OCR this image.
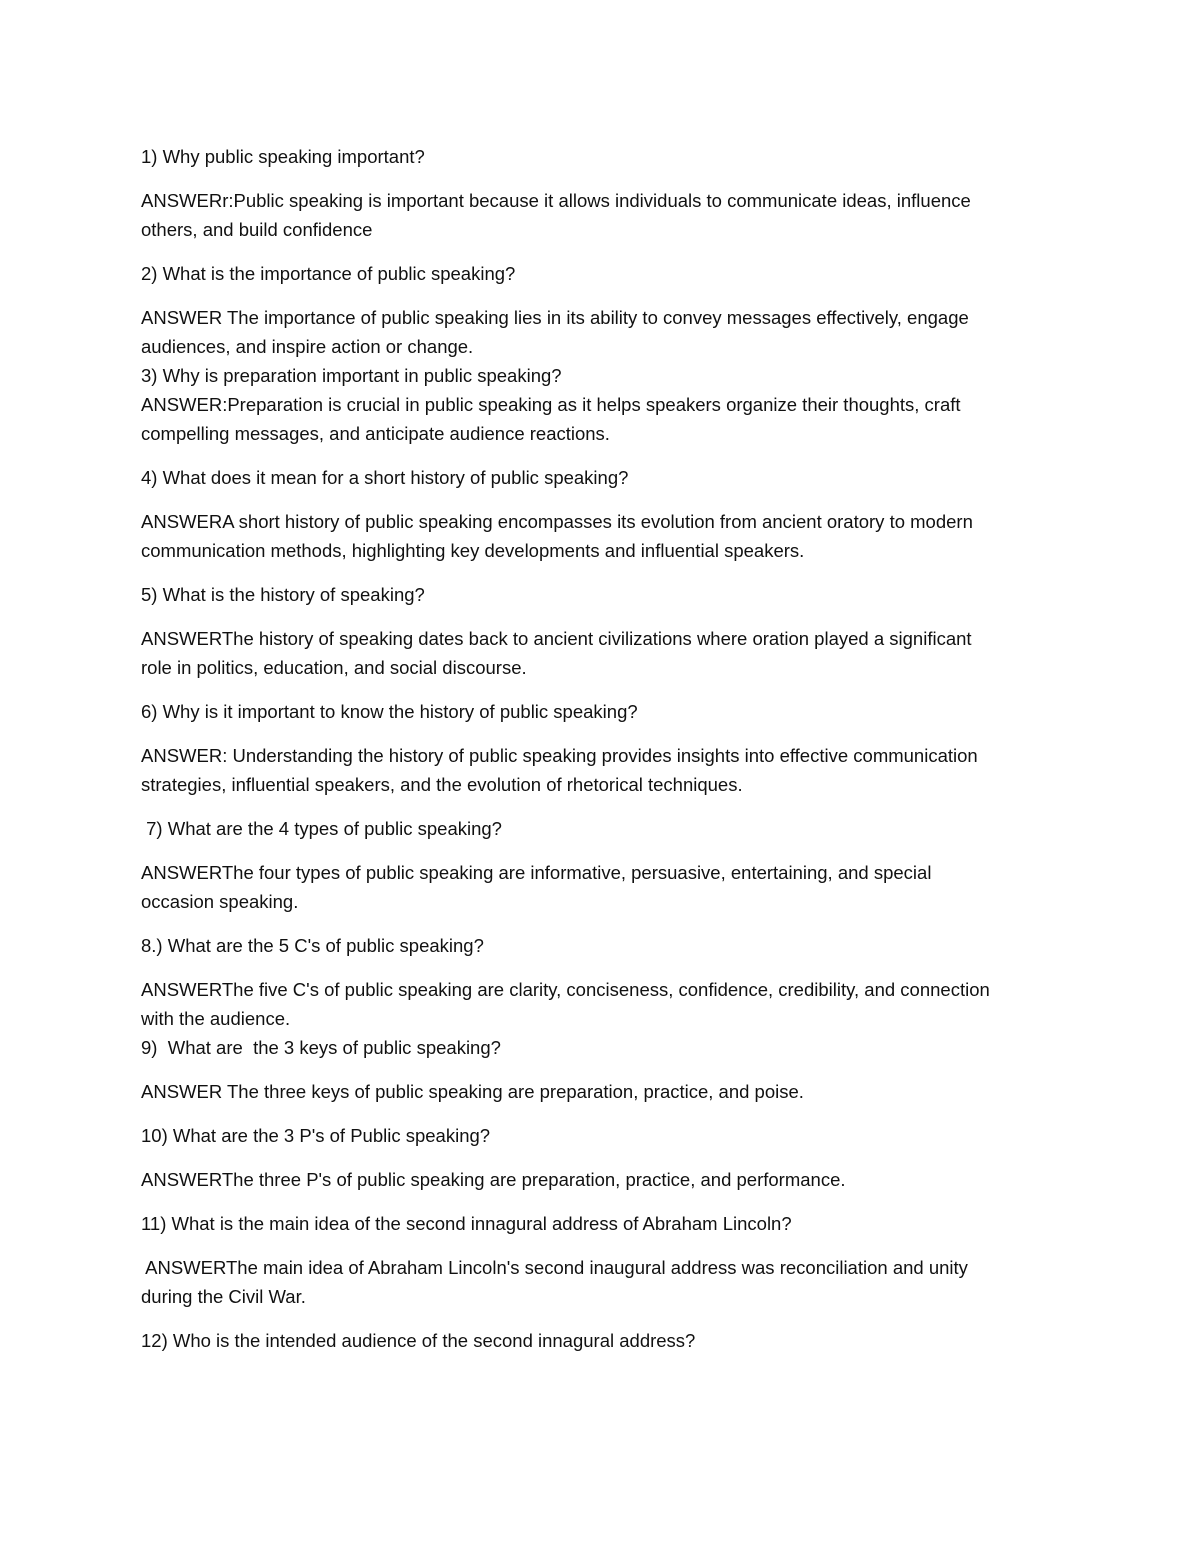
1) Why public speaking important?
ANSWERr:Public speaking is important because it allows individuals to communicate ideas, influence
others, and build confidence
2) What is the importance of public speaking?
ANSWER The importance of public speaking lies in its ability to convey messages effectively, engage
audiences, and inspire action or change.
3) Why is preparation important in public speaking?
ANSWER:Preparation is crucial in public speaking as it helps speakers organize their thoughts, craft
compelling messages, and anticipate audience reactions.
4) What does it mean for a short history of public speaking?
ANSWERA short history of public speaking encompasses its evolution from ancient oratory to modern
communication methods, highlighting key developments and influential speakers.
5) What is the history of speaking?
ANSWERThe history of speaking dates back to ancient civilizations where oration played a significant
role in politics, education, and social discourse.
6) Why is it important to know the history of public speaking?
ANSWER: Understanding the history of public speaking provides insights into effective communication
strategies, influential speakers, and the evolution of rhetorical techniques.
7) What are the 4 types of public speaking?
ANSWERThe four types of public speaking are informative, persuasive, entertaining, and special
occasion speaking.
8.) What are the 5 C's of public speaking?
ANSWERThe five C's of public speaking are clarity, conciseness, confidence, credibility, and connection
with the audience.
9)  What are  the 3 keys of public speaking?
ANSWER The three keys of public speaking are preparation, practice, and poise.
10) What are the 3 P's of Public speaking?
ANSWERThe three P's of public speaking are preparation, practice, and performance.
11) What is the main idea of the second innagural address of Abraham Lincoln?
ANSWERThe main idea of Abraham Lincoln's second inaugural address was reconciliation and unity
during the Civil War.
12) Who is the intended audience of the second innagural address?
